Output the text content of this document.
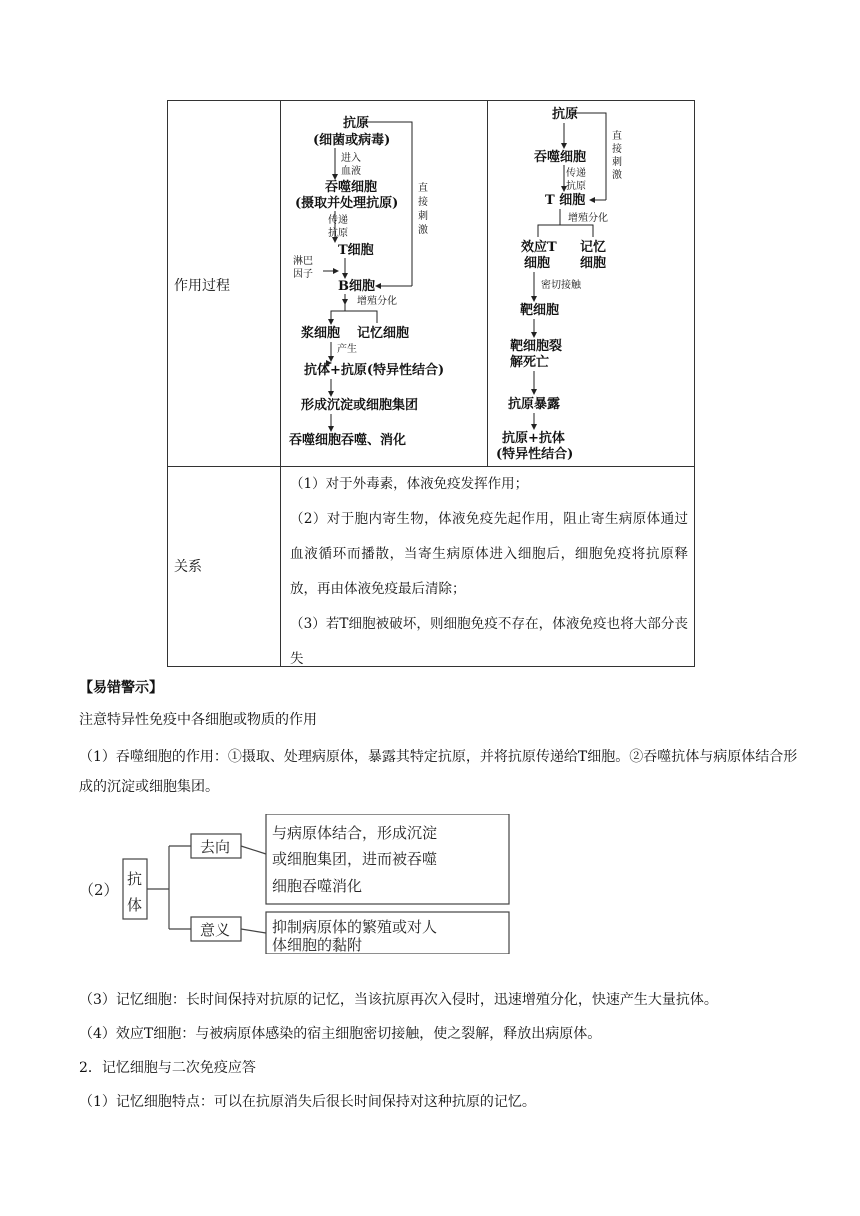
作用过程
关系
抗原
(细菌或病毒)
吞噬细胞
(摄取并处理抗原)
T细胞
B细胞
浆细胞 记忆细胞
抗体+抗原(特异性结合)
形成沉淀或细胞集团
吞噬细胞吞噬、消化
进入
血液
传递
抗原
淋巴
因子
增殖分化
产生
直
接
刺
激
抗原
吞噬细胞
T 细胞
效应T
细胞
记忆
细胞
靶细胞
靶细胞裂
解死亡
抗原暴露
抗原+抗体
(特异性结合)
传递
抗原
增殖分化
密切接触
直
接
刺
激

（1）对于外毒素，体液免疫发挥作用；

（2）对于胞内寄生物，体液免疫先起作用，阻止寄生病原体通过血液循环而播散，当寄生病原体进入细胞后，细胞免疫将抗原释放，再由体液免疫最后清除；

（3）若T细胞被破坏，则细胞免疫不存在，体液免疫也将大部分丧失

【易错警示】

注意特异性免疫中各细胞或物质的作用

（1）吞噬细胞的作用：①摄取、处理病原体，暴露其特定抗原，并将抗原传递给T细胞。②吞噬抗体与病原体结合形成的沉淀或细胞集团。

（2）
抗
体
去向
意义
与病原体结合，形成沉淀
或细胞集团，进而被吞噬
细胞吞噬消化
抑制病原体的繁殖或对人
体细胞的黏附

（3）记忆细胞：长时间保持对抗原的记忆，当该抗原再次入侵时，迅速增殖分化，快速产生大量抗体。

（4）效应T细胞：与被病原体感染的宿主细胞密切接触，使之裂解，释放出病原体。

2．记忆细胞与二次免疫应答

（1）记忆细胞特点：可以在抗原消失后很长时间保持对这种抗原的记忆。
